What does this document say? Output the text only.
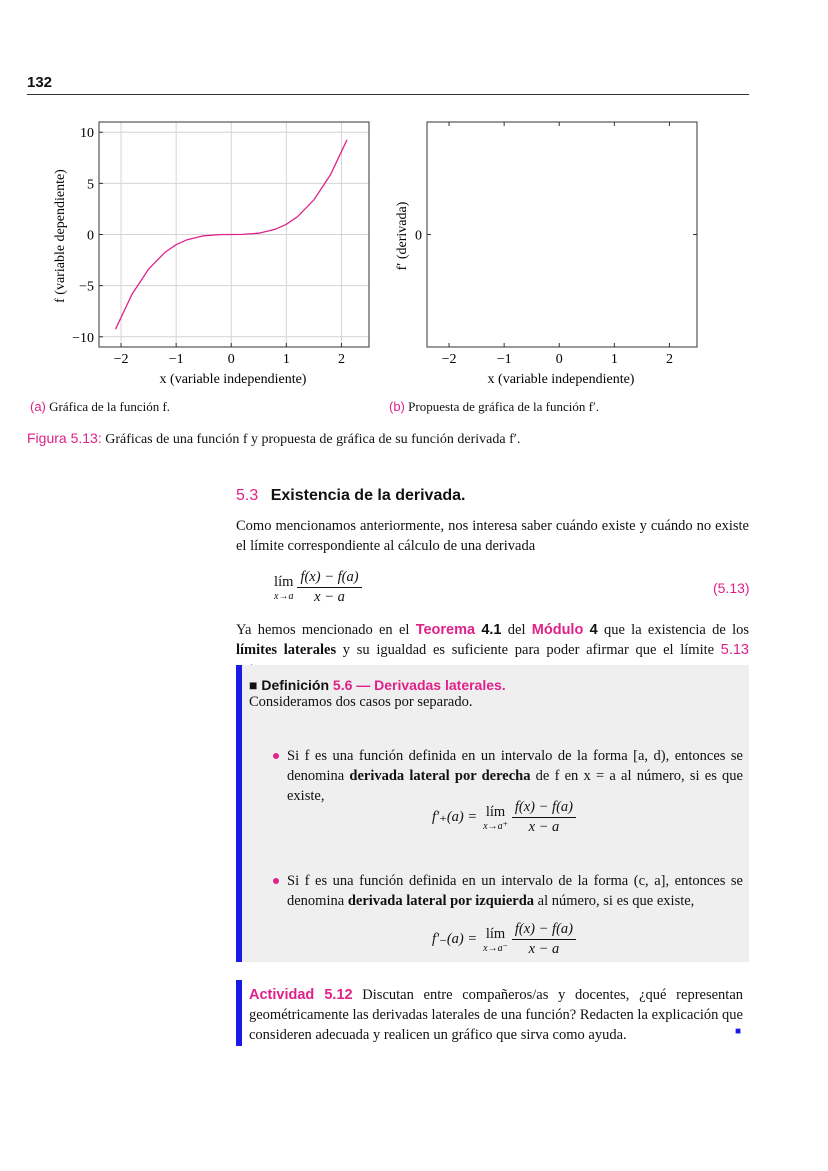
132
−2	−1	0	1	2
10
5
0
−5
−10
x (variable independiente)
f (variable dependiente)
−2	−1	0	1	2
0
x (variable independiente)
f′ (derivada)
(a) Gráfica de la función f.	(b) Propuesta de gráfica de la función f′.
Figura 5.13: Gráficas de una función f y propuesta de gráfica de su función derivada f′.
5.3 Existencia de la derivada.
Como mencionamos anteriormente, nos interesa saber cuándo existe y cuándo no existe el límite correspondiente al cálculo de una derivada
lím
$x\to a \frac{f(x) - f(a)}{x - a}$	(5.13)
Ya hemos mencionado en el Teorema 4.1 del Módulo 4 que la existencia de los límites laterales y su igualdad es suficiente para poder afirmar que el límite 5.13
■ Definición 5.6 — Derivadas laterales.
Consideramos dos casos por separado.
Si f es una función definida en un intervalo de la forma [a, d), entonces se denomina derivada lateral por derecha de f en x = a al número, si es que existe,
f′₊(a) = lím
$x\to a^+ \frac{f(x) - f(a)}{x - a}$
Si f es una función definida en un intervalo de la forma (c, a], entonces se denomina derivada lateral por izquierda al número, si es que existe,
f′₋(a) = lím
$x\to a^- \frac{f(x) - f(a)}{x - a}$
Actividad 5.12 Discutan entre compañeros/as y docentes, ¿qué representan geométricamente las derivadas laterales de una función? Redacten la explicación que consideren adecuada y realicen un gráfico que sirva como ayuda.	■
